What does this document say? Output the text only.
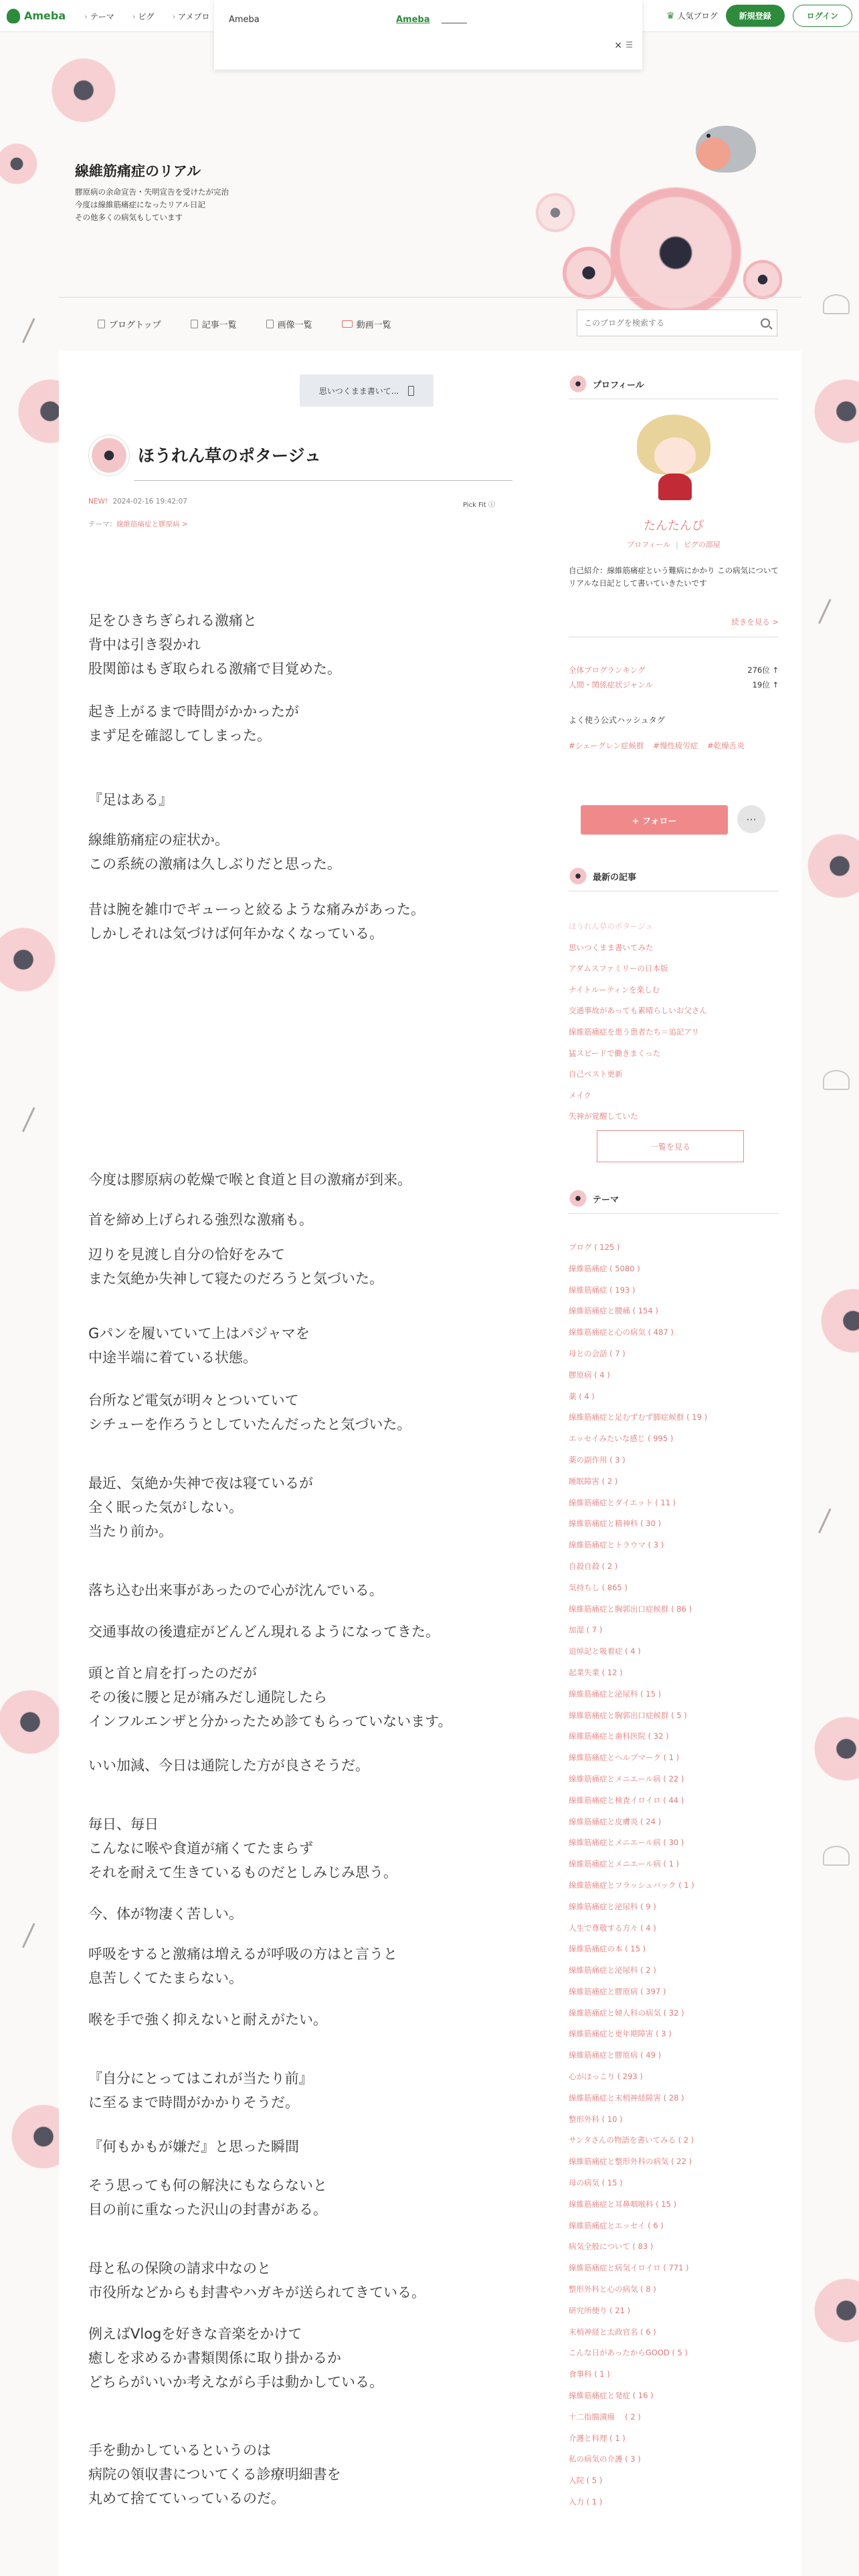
Ameba	› テーマ	› ピグ	› アメブロ	♛ 人気ブログ	新規登録	ログイン
Ameba	Ameba
× ☰
線維筋痛症のリアル
膠原病の余命宣告・失明宣告を受けたが完治
今度は線維筋痛症になったリアル日記
その他多くの病気もしています
ブログトップ	記事一覧	画像一覧	動画一覧
このブログを検索する
思いつくまま書いて...
ほうれん草のポタージュ
NEW! 2024-02-16 19:42:07	Pick Fit ⓘ
テーマ：線維筋痛症と膠原病 >

足をひきちぎられる激痛と
背中は引き裂かれ
股関節はもぎ取られる激痛で目覚めた。

起き上がるまで時間がかかったが
まず足を確認してしまった。

『足はある』

線維筋痛症の症状か。
この系統の激痛は久しぶりだと思った。

昔は腕を雑巾でギューっと絞るような痛みがあった。
しかしそれは気づけば何年かなくなっている。

今度は膠原病の乾燥で喉と食道と目の激痛が到来。

首を締め上げられる強烈な激痛も。

辺りを見渡し自分の恰好をみて
また気絶か失神して寝たのだろうと気づいた。

Gパンを履いていて上はパジャマを
中途半端に着ている状態。

台所など電気が明々とついていて
シチューを作ろうとしていたんだったと気づいた。

最近、気絶か失神で夜は寝ているが
全く眠った気がしない。
当たり前か。

落ち込む出来事があったので心が沈んでいる。

交通事故の後遺症がどんどん現れるようになってきた。

頭と首と肩を打ったのだが
その後に腰と足が痛みだし通院したら
インフルエンザと分かったため診てもらっていないます。

いい加減、今日は通院した方が良さそうだ。

毎日、毎日
こんなに喉や食道が痛くてたまらず
それを耐えて生きているものだとしみじみ思う。

今、体が物凄く苦しい。

呼吸をすると激痛は増えるが呼吸の方はと言うと
息苦しくてたまらない。

喉を手で強く抑えないと耐えがたい。

『自分にとってはこれが当たり前』
に至るまで時間がかかりそうだ。

『何もかもが嫌だ』と思った瞬間

そう思っても何の解決にもならないと
目の前に重なった沢山の封書がある。

母と私の保険の請求中なのと
市役所などからも封書やハガキが送られてきている。

例えばVlogを好きな音楽をかけて
癒しを求めるか書類関係に取り掛かるか
どちらがいいか考えながら手は動かしている。

手を動かしているというのは
病院の領収書についてくる診療明細書を
丸めて捨てていっているのだ。

プロフィール
たんたんぴ
プロフィール | ピグの部屋
自己紹介：線維筋痛症という難病にかかり この病気についてリアルな日記として書いていきたいです
続きを見る >
全体ブログランキング	276位 ↑
人間・関係症状ジャンル	19位 ↑
よく使う公式ハッシュタグ
#シェーグレン症候群 #慢性疲労症 #乾燥舌炎
+ フォロー	···
最新の記事
ほうれん草のポタージュ
思いつくまま書いてみた
アダムスファミリーの日本版
ナイトルーティンを楽しむ
交通事故があっても素晴らしいお父さん
線維筋痛症を患う患者たち＝追記アリ
猛スピードで働きまくった
自己ベスト更新
メイク
失神が覚醒していた
一覧を見る
テーマ
ブログ ( 125 )
線維筋痛症 ( 5080 )
線維筋痛症 ( 193 )
線維筋痛症と腰痛 ( 154 )
線維筋痛症と心の病気 ( 487 )
母との会話 ( 7 )
膠原病 ( 4 )
薬 ( 4 )
線維筋痛症と足むずむず脚症候群 ( 19 )
エッセイみたいな感じ ( 995 )
薬の副作用 ( 3 )
睡眠障害 ( 2 )
線維筋痛症とダイエット ( 11 )
線維筋痛症と精神科 ( 30 )
線維筋痛症とトラウマ ( 3 )
自殺自殺 ( 2 )
気持ちし ( 865 )
線維筋痛症と胸郭出口症候群 ( 86 )
加湿 ( 7 )
追悼記と吸着症 ( 4 )
起業失業 ( 12 )
線維筋痛症と泌尿科 ( 15 )
線維筋痛症と胸郭出口症候群 ( 5 )
線維筋痛症と歯科医院 ( 32 )
線維筋痛症とヘルプマーク ( 1 )
線維筋痛症とメニエール病 ( 22 )
線維筋痛症と検査イロイロ ( 44 )
線維筋痛症と皮膚炎 ( 24 )
線維筋痛症とメニエール病 ( 30 )
線維筋痛症とメニエール病 ( 1 )
線維筋痛症とフラッシュバック ( 1 )
線維筋痛症と泌尿科 ( 9 )
人生で尊敬する方々 ( 4 )
線維筋痛症の本 ( 15 )
線維筋痛症と泌尿科 ( 2 )
線維筋痛症と膠原病 ( 397 )
線維筋痛症と婦人科の病気 ( 32 )
線維筋痛症と更年期障害 ( 3 )
線維筋痛症と膠原病 ( 49 )
心がほっこり ( 293 )
線維筋痛症と末梢神経障害 ( 28 )
整形外科 ( 10 )
サンタさんの物語を書いてみる ( 2 )
線維筋痛症と整形外科の病気 ( 22 )
母の病気 ( 15 )
線維筋痛症と耳鼻咽喉科 ( 15 )
線維筋痛症とエッセイ ( 6 )
病気全般について ( 83 )
線維筋痛症と病気イロイロ ( 771 )
整形外科と心の病気 ( 8 )
研究所便り ( 21 )
末梢神経と太政官名 ( 6 )
こんな日があったからGOOD ( 5 )
食事科 ( 1 )
線維筋痛症と発症 ( 16 )
十二指腸潰瘍　 ( 2 )
介護と科理 ( 1 )
私の病気の介護 ( 3 )
入院 ( 5 )
入力 ( 1 )
